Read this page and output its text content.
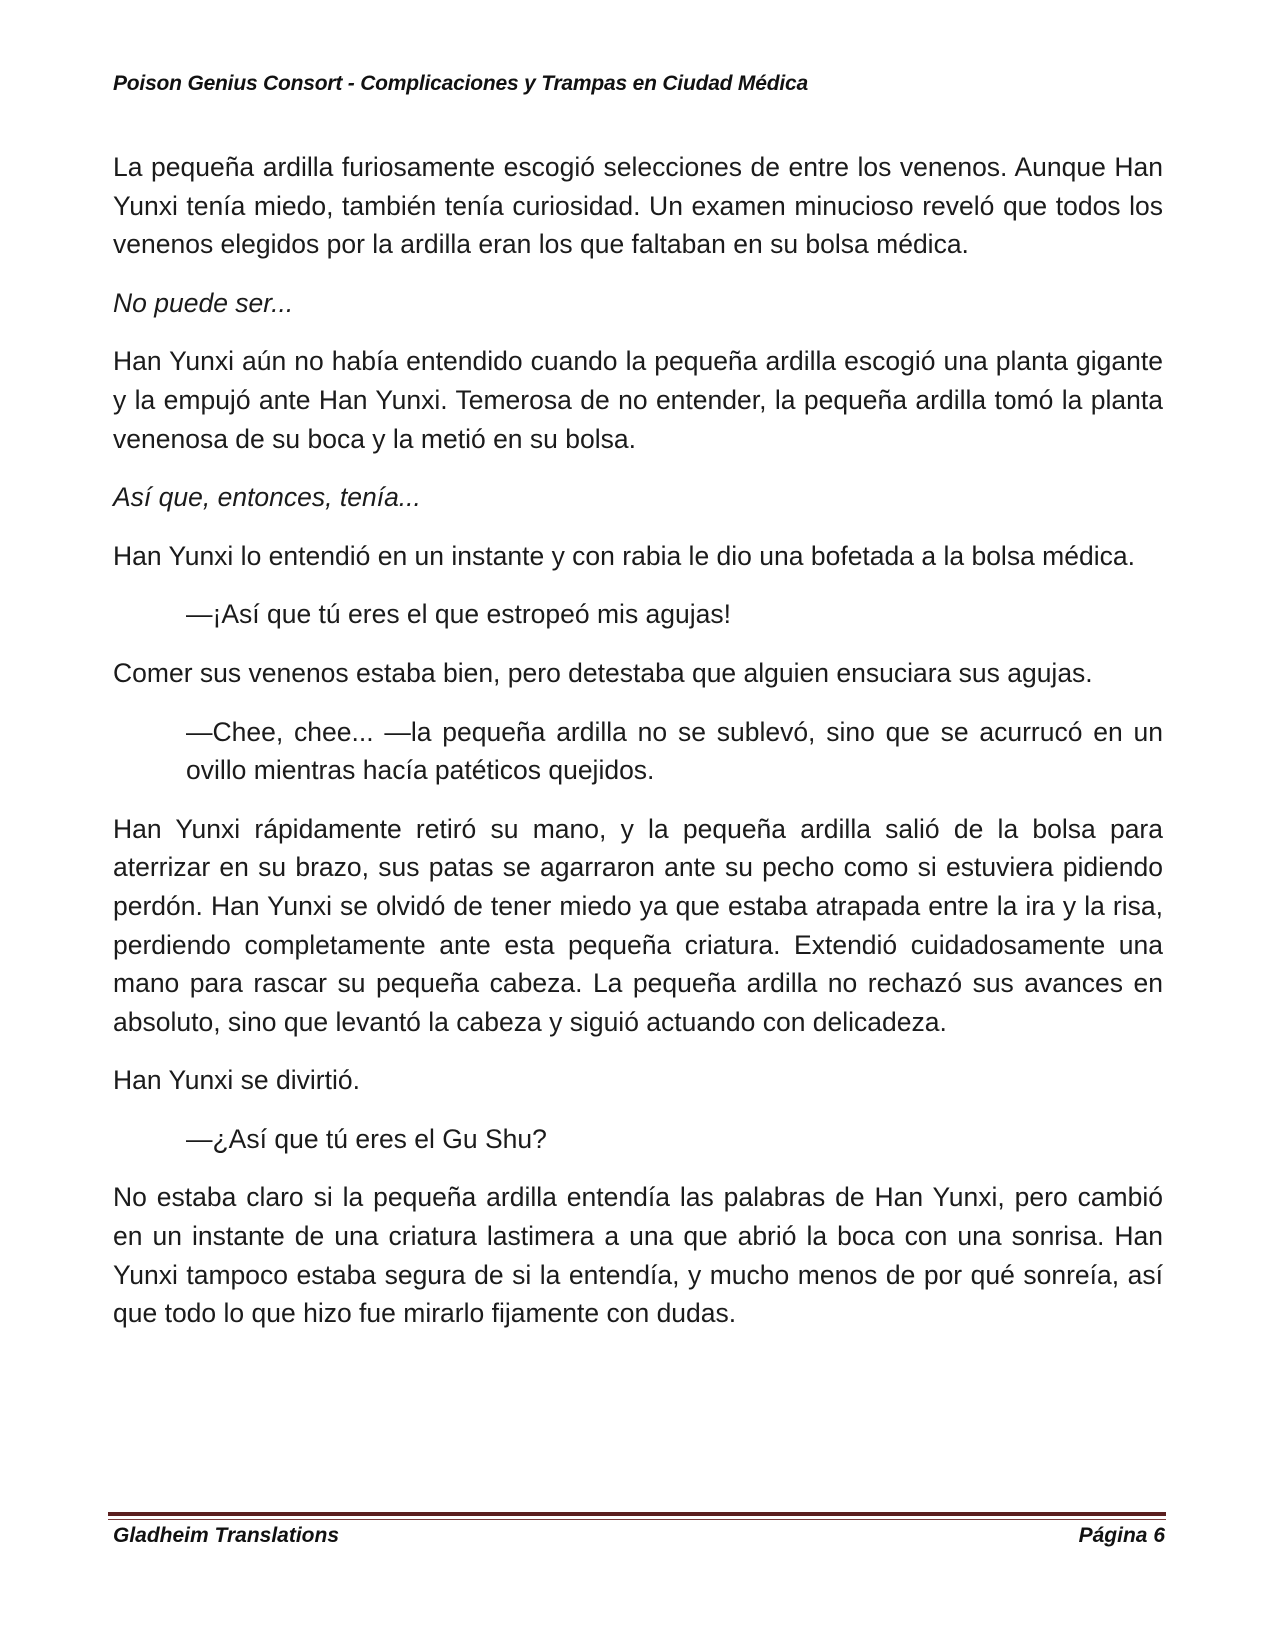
Poison Genius Consort - Complicaciones y Trampas en Ciudad Médica

La pequeña ardilla furiosamente escogió selecciones de entre los venenos. Aunque Han Yunxi tenía miedo, también tenía curiosidad. Un examen minucioso reveló que todos los venenos elegidos por la ardilla eran los que faltaban en su bolsa médica.

No puede ser...

Han Yunxi aún no había entendido cuando la pequeña ardilla escogió una planta gigante y la empujó ante Han Yunxi. Temerosa de no entender, la pequeña ardilla tomó la planta venenosa de su boca y la metió en su bolsa.

Así que, entonces, tenía...

Han Yunxi lo entendió en un instante y con rabia le dio una bofetada a la bolsa médica.

—¡Así que tú eres el que estropeó mis agujas!

Comer sus venenos estaba bien, pero detestaba que alguien ensuciara sus agujas.

—Chee, chee... —la pequeña ardilla no se sublevó, sino que se acurrucó en un ovillo mientras hacía patéticos quejidos.

Han Yunxi rápidamente retiró su mano, y la pequeña ardilla salió de la bolsa para aterrizar en su brazo, sus patas se agarraron ante su pecho como si estuviera pidiendo perdón. Han Yunxi se olvidó de tener miedo ya que estaba atrapada entre la ira y la risa, perdiendo completamente ante esta pequeña criatura. Extendió cuidadosamente una mano para rascar su pequeña cabeza. La pequeña ardilla no rechazó sus avances en absoluto, sino que levantó la cabeza y siguió actuando con delicadeza.

Han Yunxi se divirtió.

—¿Así que tú eres el Gu Shu?

No estaba claro si la pequeña ardilla entendía las palabras de Han Yunxi, pero cambió en un instante de una criatura lastimera a una que abrió la boca con una sonrisa. Han Yunxi tampoco estaba segura de si la entendía, y mucho menos de por qué sonreía, así que todo lo que hizo fue mirarlo fijamente con dudas.

Gladheim Translations	Página 6
